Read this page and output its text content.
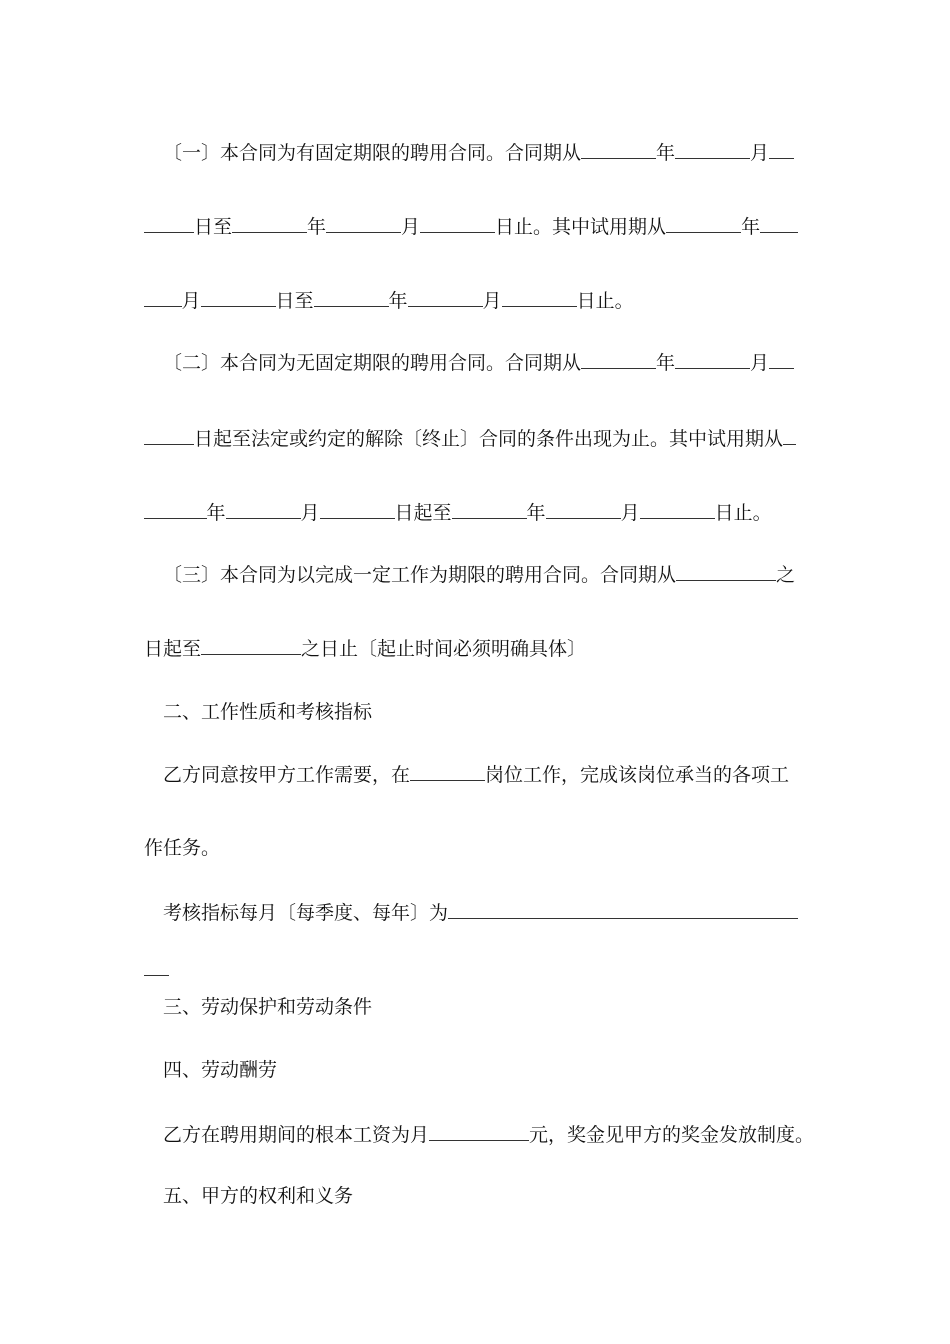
〔一〕本合同为有固定期限的聘用合同。合同期从	年	月
日至	年	月	日止。其中试用期从	年
月	日至	年	月	日止。
〔二〕本合同为无固定期限的聘用合同。合同期从	年	月
日起至法定或约定的解除〔终止〕合同的条件出现为止。其中试用期从
年	月	日起至	年	月	日止。
〔三〕本合同为以完成一定工作为期限的聘用合同。合同期从	之
日起至	之日止〔起止时间必须明确具体〕
二、工作性质和考核指标
乙方同意按甲方工作需要，在	岗位工作，完成该岗位承当的各项工
作任务。
考核指标每月〔每季度、每年〕为
三、劳动保护和劳动条件
四、劳动酬劳
乙方在聘用期间的根本工资为月	元，奖金见甲方的奖金发放制度。
五、甲方的权利和义务
